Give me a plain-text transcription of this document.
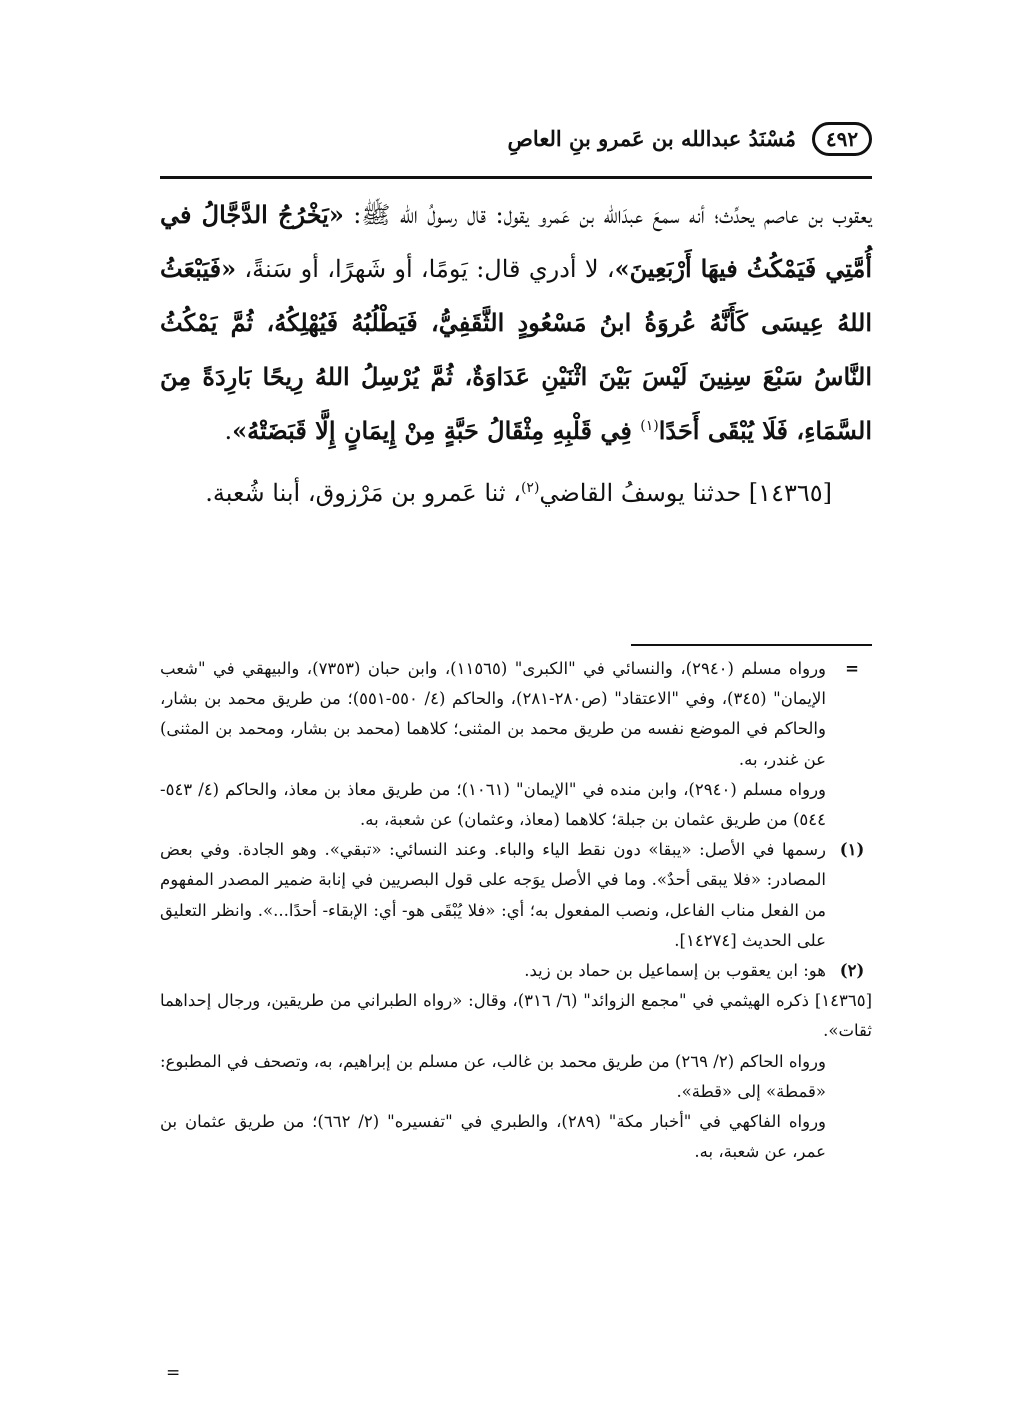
٤٩٢
مُسْنَدُ عبدالله بن عَمرو بنِ العاصِ

يعقوب بن عاصم يحدِّث؛ أنه سمعَ عبدَالله بن عَمرو يقول: قال رسولُ الله ﷺ: «يَخْرُجُ الدَّجَّالُ في أُمَّتِي فَيَمْكُثُ فيهَا أَرْبَعِينَ»، لا أدري قال: يَومًا، أو شَهرًا، أو سَنةً، «فَيَبْعَثُ اللهُ عِيسَى كَأَنَّهُ عُروَةُ ابنُ مَسْعُودٍ الثَّقَفِيُّ، فَيَطْلُبُهُ فَيُهْلِكُهُ، ثُمَّ يَمْكُثُ النَّاسُ سَبْعَ سِنِينَ لَيْسَ بَيْنَ اثْنَيْنِ عَدَاوَةٌ، ثُمَّ يُرْسِلُ اللهُ رِيحًا بَارِدَةً مِنَ السَّمَاءِ، فَلَا يُبْقَى أَحَدًا$^{(١)}$ فِي قَلْبِهِ مِثْقَالُ حَبَّةٍ مِنْ إِيمَانٍ إِلَّا قَبَضَتْهُ».

[١٤٣٦٥] حدثنا يوسفُ القاضي$^{(٢)}$، ثنا عَمرو بن مَرْزوق، أبنا شُعبة.

=

ورواه مسلم (٢٩٤٠)، والنسائي في "الكبرى" (١١٥٦٥)، وابن حبان (٧٣٥٣)، والبيهقي في "شعب الإيمان" (٣٤٥)، وفي "الاعتقاد" (ص٢٨٠-٢٨١)، والحاكم (٤/ ٥٥٠-٥٥١)؛ من طريق محمد بن بشار، والحاكم في الموضع نفسه من طريق محمد بن المثنى؛ كلاهما (محمد بن بشار، ومحمد بن المثنى) عن غندر، به.

ورواه مسلم (٢٩٤٠)، وابن منده في "الإيمان" (١٠٦١)؛ من طريق معاذ بن معاذ، والحاكم (٤/ ٥٤٣- ٥٤٤) من طريق عثمان بن جبلة؛ كلاهما (معاذ، وعثمان) عن شعبة، به.

(١)

رسمها في الأصل: «يبقا» دون نقط الياء والباء. وعند النسائي: «تبقي». وهو الجادة. وفي بعض المصادر: «فلا يبقى أحدٌ». وما في الأصل يوَجه على قول البصريين في إنابة ضمير المصدر المفهوم من الفعل مناب الفاعل، ونصب المفعول به؛ أي: «فلا يُبْقَى هو- أي: الإبقاء- أحدًا...». وانظر التعليق على الحديث [١٤٢٧٤].

(٢)

هو: ابن يعقوب بن إسماعيل بن حماد بن زيد.

[١٤٣٦٥] ذكره الهيثمي في "مجمع الزوائد" (٦/ ٣١٦)، وقال: «رواه الطبراني من طريقين، ورجال إحداهما ثقات».

ورواه الحاكم (٢/ ٢٦٩) من طريق محمد بن غالب، عن مسلم بن إبراهيم، به، وتصحف في المطبوع: «قمطة» إلى «قطة».

ورواه الفاكهي في "أخبار مكة" (٢٨٩)، والطبري في "تفسيره" (٢/ ٦٦٢)؛ من طريق عثمان بن عمر، عن شعبة، به.

=
